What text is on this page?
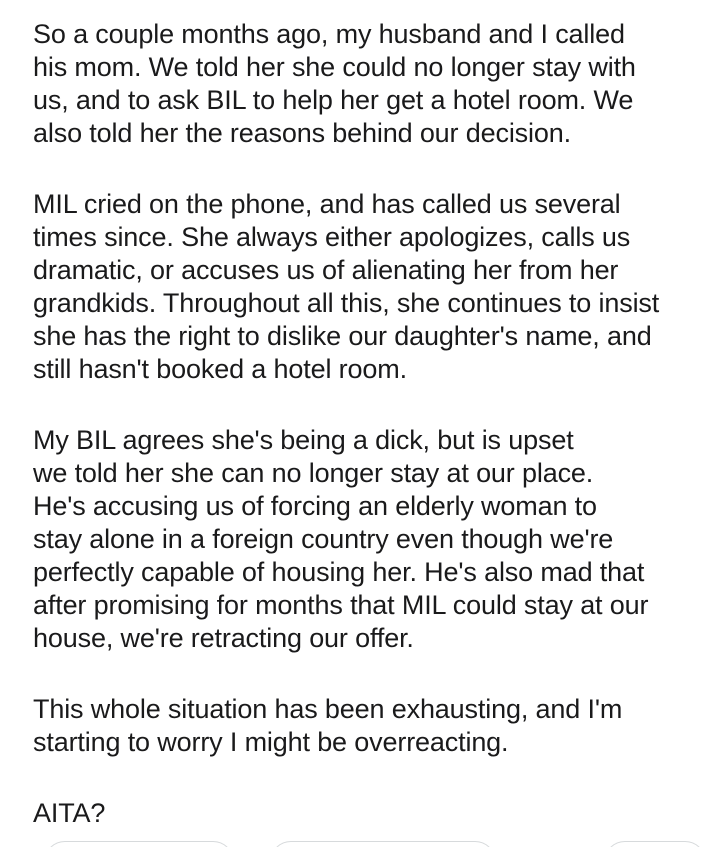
So a couple months ago, my husband and I called
his mom. We told her she could no longer stay with
us, and to ask BIL to help her get a hotel room. We
also told her the reasons behind our decision.

MIL cried on the phone, and has called us several
times since. She always either apologizes, calls us
dramatic, or accuses us of alienating her from her
grandkids. Throughout all this, she continues to insist
she has the right to dislike our daughter's name, and
still hasn't booked a hotel room.

My BIL agrees she's being a dick, but is upset
we told her she can no longer stay at our place.
He's accusing us of forcing an elderly woman to
stay alone in a foreign country even though we're
perfectly capable of housing her. He's also mad that
after promising for months that MIL could stay at our
house, we're retracting our offer.

This whole situation has been exhausting, and I'm
starting to worry I might be overreacting.

AITA?
